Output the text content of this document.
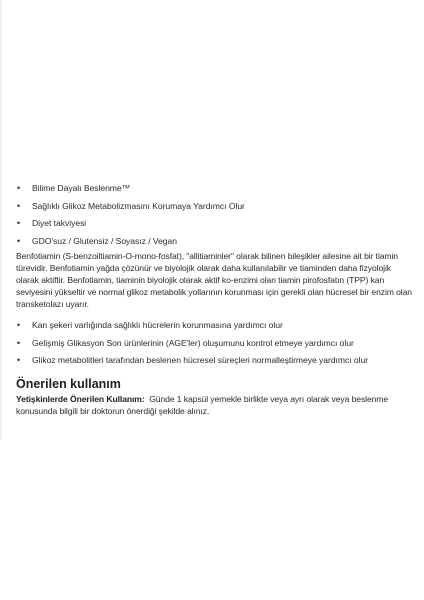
• Bilime Dayalı Beslenme™
• Sağlıklı Glikoz Metabolizmasını Korumaya Yardımcı Olur
• Diyet takviyesi
• GDO'suz / Glutensiz / Soyasız / Vegan

Benfotiamin (S-benzoiltiamin-O-mono-fosfat), "allitiaminler" olarak bilinen bileşikler ailesine ait bir tiamin türevidir. Benfotiamin yağda çözünür ve biyolojik olarak daha kullanılabilir ve tiaminden daha fizyolojik olarak aktiftir. Benfotiamin, tiaminin biyolojik olarak aktif ko-enzimi olan tiamin pirofosfatın (TPP) kan seviyesini yükseltir ve normal glikoz metabolik yollarının korunması için gerekli olan hücresel bir enzim olan transketolazı uyarır.

• Kan şekeri varlığında sağlıklı hücrelerin korunmasına yardımcı olur
• Gelişmiş Glikasyon Son ürünlerinin (AGE'ler) oluşumunu kontrol etmeye yardımcı olur
• Glikoz metabolitleri tarafından beslenen hücresel süreçleri normalleştirmeye yardımcı olur
Önerilen kullanım

Yetişkinlerde Önerilen Kullanım: Günde 1 kapsül yemekle birlikte veya ayrı olarak veya beslenme konusunda bilgili bir doktorun önerdiği şekilde alınız.
